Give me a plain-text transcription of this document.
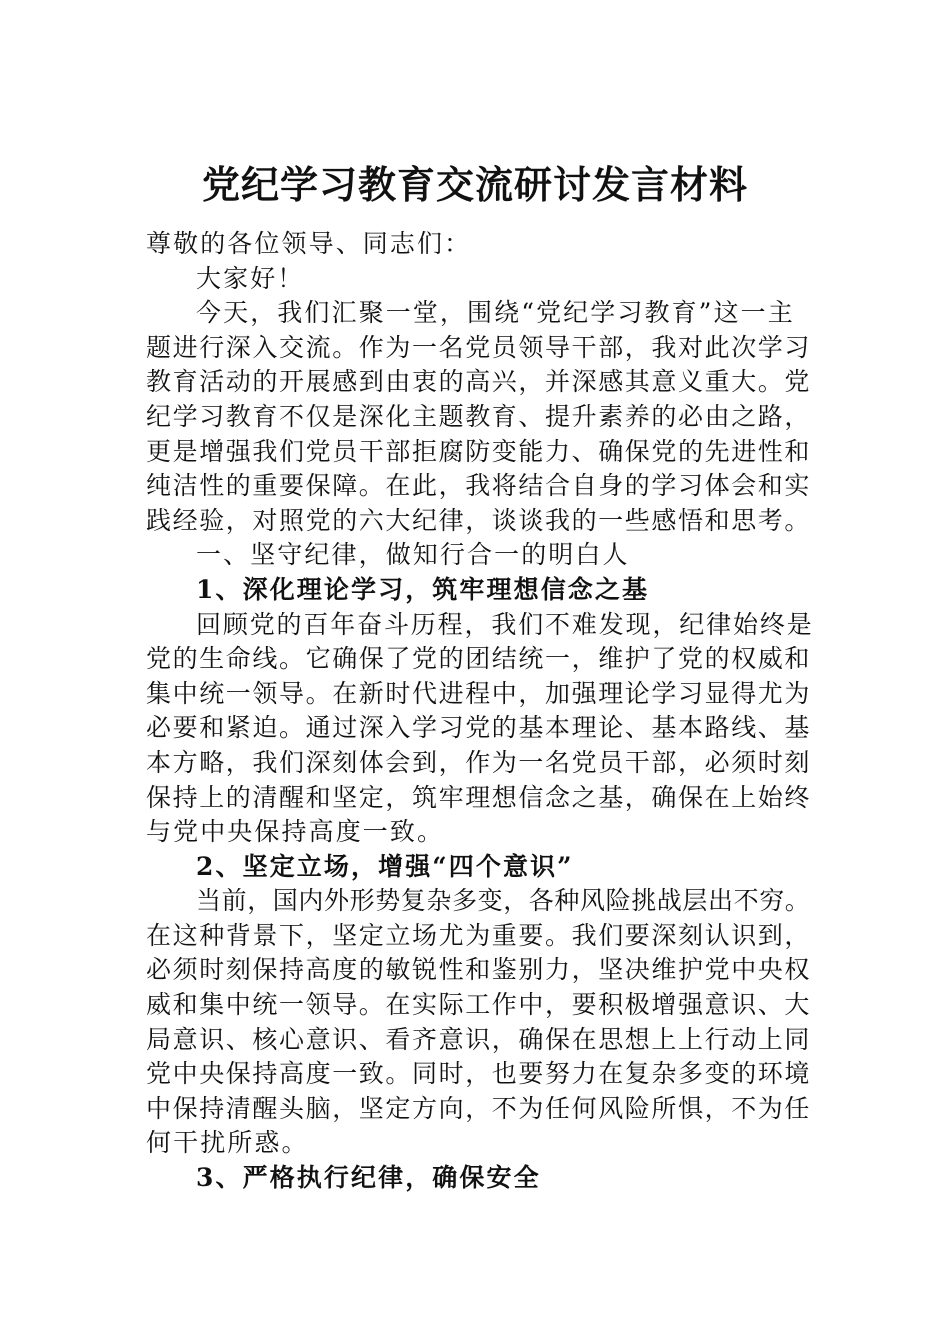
党纪学习教育交流研讨发言材料

尊敬的各位领导、同志们：

大家好！

今天，我们汇聚一堂，围绕“党纪学习教育”这一主

题进行深入交流。作为一名党员领导干部，我对此次学习

教育活动的开展感到由衷的高兴，并深感其意义重大。党

纪学习教育不仅是深化主题教育、提升素养的必由之路，

更是增强我们党员干部拒腐防变能力、确保党的先进性和

纯洁性的重要保障。在此，我将结合自身的学习体会和实

践经验，对照党的六大纪律，谈谈我的一些感悟和思考。

一、坚守纪律，做知行合一的明白人

1、深化理论学习，筑牢理想信念之基

回顾党的百年奋斗历程，我们不难发现，纪律始终是

党的生命线。它确保了党的团结统一，维护了党的权威和

集中统一领导。在新时代进程中，加强理论学习显得尤为

必要和紧迫。通过深入学习党的基本理论、基本路线、基

本方略，我们深刻体会到，作为一名党员干部，必须时刻

保持上的清醒和坚定，筑牢理想信念之基，确保在上始终

与党中央保持高度一致。

2、坚定立场，增强“四个意识”

当前，国内外形势复杂多变，各种风险挑战层出不穷。

在这种背景下，坚定立场尤为重要。我们要深刻认识到，

必须时刻保持高度的敏锐性和鉴别力，坚决维护党中央权

威和集中统一领导。在实际工作中，要积极增强意识、大

局意识、核心意识、看齐意识，确保在思想上上行动上同

党中央保持高度一致。同时，也要努力在复杂多变的环境

中保持清醒头脑，坚定方向，不为任何风险所惧，不为任

何干扰所惑。

3、严格执行纪律，确保安全
